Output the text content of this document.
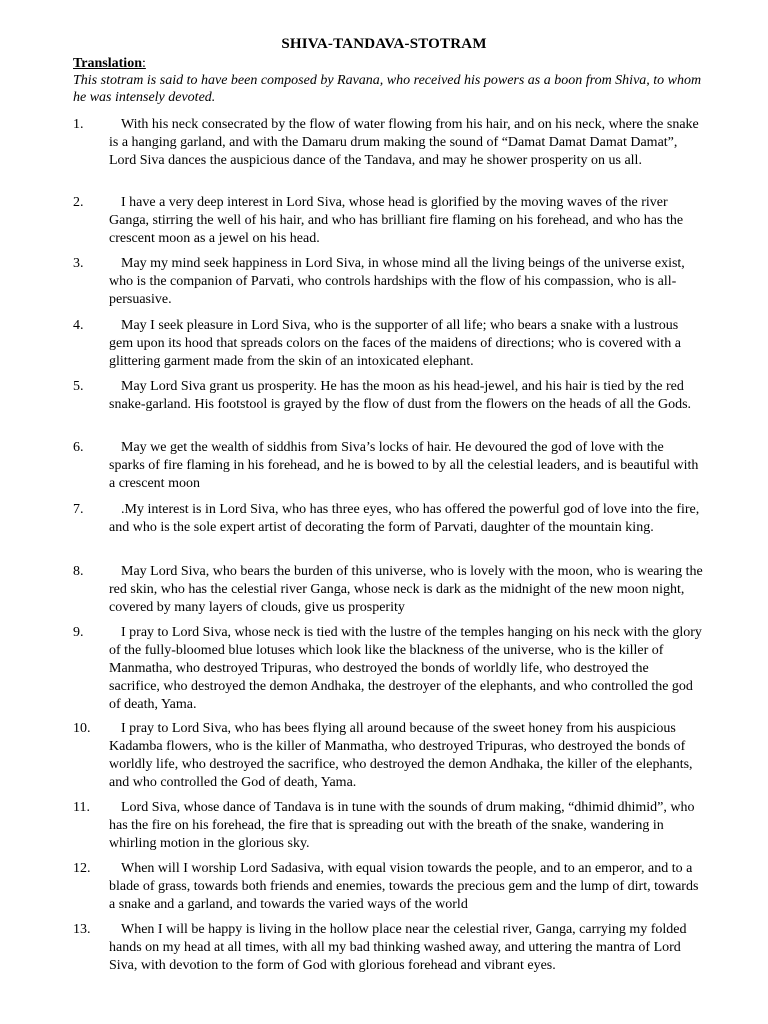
SHIVA-TANDAVA-STOTRAM
Translation:
This stotram is said to have been composed by Ravana, who received his powers as a boon from Shiva, to whom he was intensely devoted.
1.	With his neck consecrated by the flow of water flowing from his hair, and on his neck, where the snake is a hanging garland, and with the Damaru drum making the sound of “Damat Damat Damat Damat”, Lord Siva dances the auspicious dance of the Tandava, and may he shower prosperity on us all.
2.	I have a very deep interest in Lord Siva, whose head is glorified by the moving waves of the river Ganga, stirring the well of his hair, and who has brilliant fire flaming on his forehead, and who has the crescent moon as a jewel on his head.
3.	May my mind seek happiness in Lord Siva, in whose mind all the living beings of the universe exist, who is the companion of Parvati, who controls hardships with the flow of his compassion, who is all-persuasive.
4.	May I seek pleasure in Lord Siva, who is the supporter of all life; who bears a snake with a lustrous gem upon its hood that spreads colors on the faces of the maidens of directions; who is covered with a glittering garment made from the skin of an intoxicated elephant.
5.	May Lord Siva grant us prosperity. He has the moon as his head-jewel, and his hair is tied by the red snake-garland. His footstool is grayed by the flow of dust from the flowers on the heads of all the Gods.
6.	May we get the wealth of siddhis from Siva’s locks of hair. He devoured the god of love with the sparks of fire flaming in his forehead, and he is bowed to by all the celestial leaders, and is beautiful with a crescent moon
7.	.My interest is in Lord Siva, who has three eyes, who has offered the powerful god of love into the fire, and who is the sole expert artist of decorating the form of Parvati, daughter of the mountain king.
8.	May Lord Siva, who bears the burden of this universe, who is lovely with the moon, who is wearing the red skin, who has the celestial river Ganga, whose neck is dark as the midnight of the new moon night, covered by many layers of clouds, give us prosperity
9.	I pray to Lord Siva, whose neck is tied with the lustre of the temples hanging on his neck with the glory of the fully-bloomed blue lotuses which look like the blackness of the universe, who is the killer of Manmatha, who destroyed Tripuras, who destroyed the bonds of worldly life, who destroyed the sacrifice, who destroyed the demon Andhaka, the destroyer of the elephants, and who controlled the god of death, Yama.
10.	I pray to Lord Siva, who has bees flying all around because of the sweet honey from his auspicious Kadamba flowers, who is the killer of Manmatha, who destroyed Tripuras, who destroyed the bonds of worldly life, who destroyed the sacrifice, who destroyed the demon Andhaka, the killer of the elephants, and who controlled the God of death, Yama.
11.	Lord Siva, whose dance of Tandava is in tune with the sounds of drum making, “dhimid dhimid”, who has the fire on his forehead, the fire that is spreading out with the breath of the snake, wandering in whirling motion in the glorious sky.
12.	When will I worship Lord Sadasiva, with equal vision towards the people, and to an emperor, and to a blade of grass, towards both friends and enemies, towards the precious gem and the lump of dirt, towards a snake and a garland, and towards the varied ways of the world
13.	When I will be happy is living in the hollow place near the celestial river, Ganga, carrying my folded hands on my head at all times, with all my bad thinking washed away, and uttering the mantra of Lord Siva, with devotion to the form of God with glorious forehead and vibrant eyes.
